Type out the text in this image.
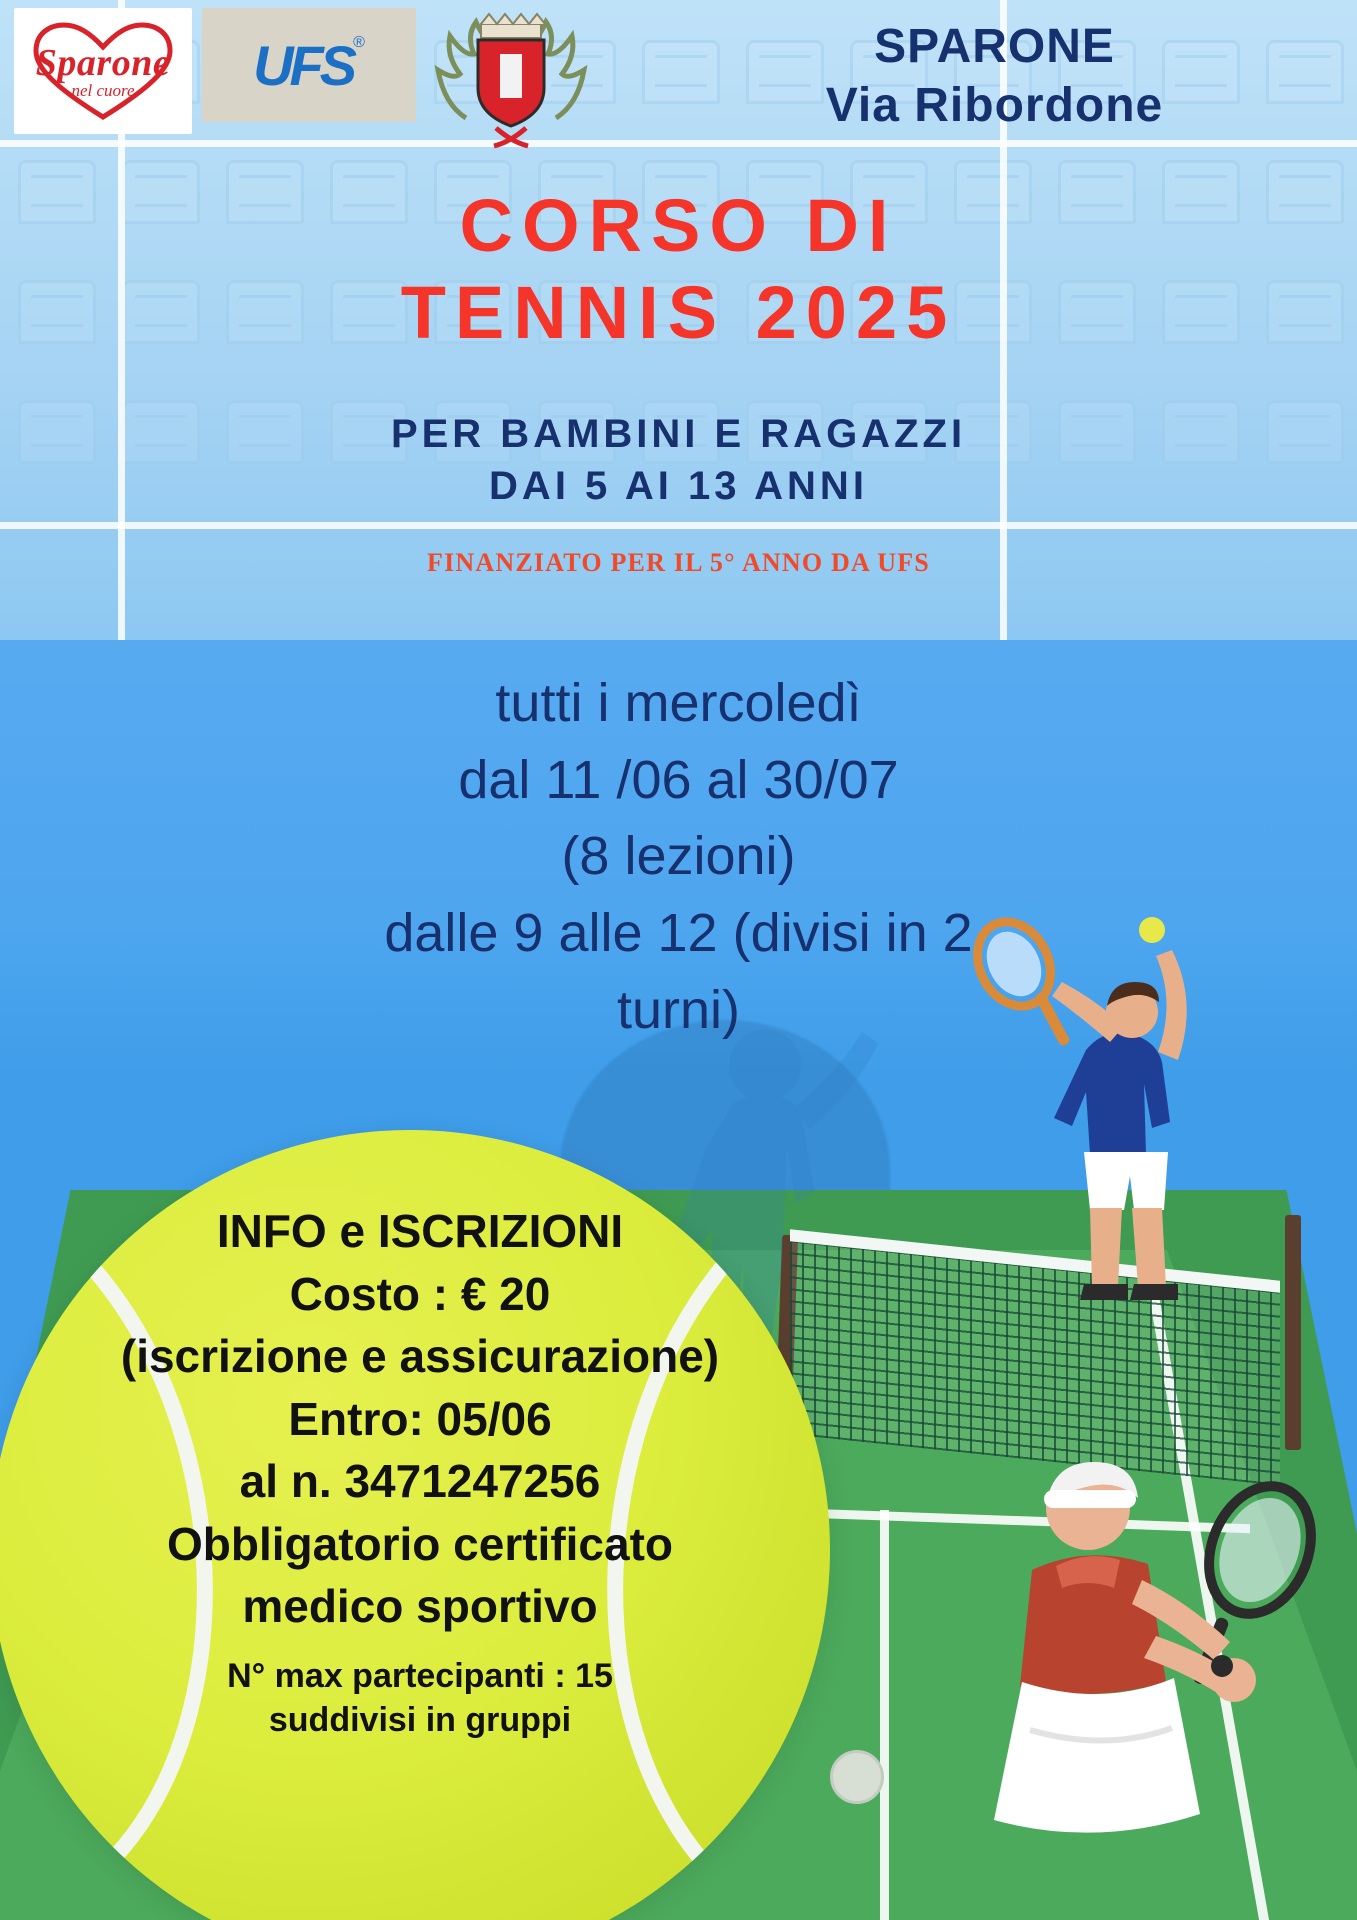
Sparone
nel cuore	UFS ®	SPARONE
Via Ribordone
CORSO DI
TENNIS 2025
PER BAMBINI E RAGAZZI
DAI 5 AI 13 ANNI
FINANZIATO PER IL 5° ANNO DA UFS
tutti i mercoledì
dal 11 /06 al 30/07
(8 lezioni)
dalle 9 alle 12 (divisi in 2
turni)
INFO e ISCRIZIONI
Costo : € 20
(iscrizione e assicurazione)
Entro: 05/06
al n. 3471247256
Obbligatorio certificato
medico sportivo
N° max partecipanti : 15
suddivisi in gruppi
